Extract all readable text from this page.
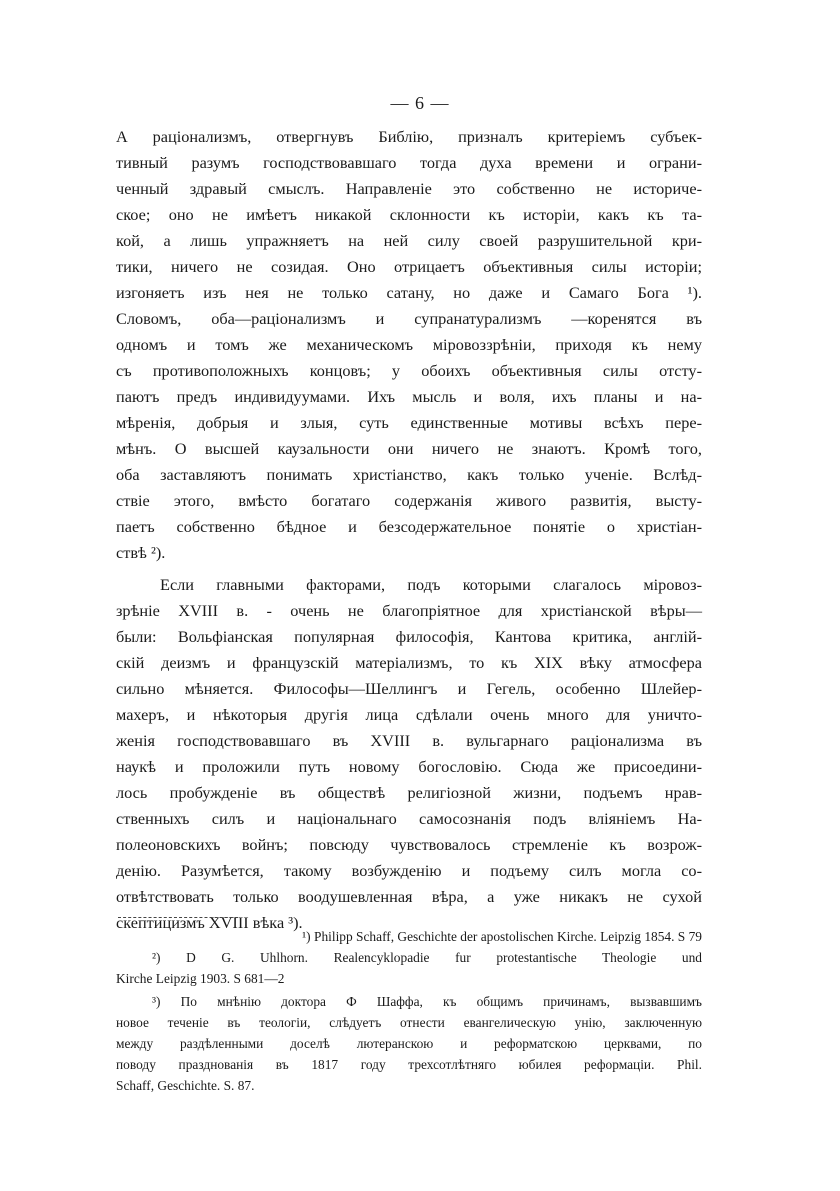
— 6 —
А раціонализмъ, отвергнувъ Библію, призналъ критеріемъ субъек-
тивный разумъ господствовавшаго тогда духа времени и ограни-
ченный здравый смыслъ. Направленіе это собственно не историче-
ское; оно не имѣетъ никакой склонности къ исторіи, какъ къ та-
кой, а лишь упражняетъ на ней силу своей разрушительной кри-
тики, ничего не созидая. Оно отрицаетъ объективныя силы исторіи;
изгоняетъ изъ нея не только сатану, но даже и Самаго Бога ¹).
Словомъ, оба—раціонализмъ и супранатурализмъ —коренятся въ
одномъ и томъ же механическомъ міровоззрѣніи, приходя къ нему
съ противоположныхъ концовъ; у обоихъ объективныя силы отсту-
паютъ предъ индивидуумами. Ихъ мысль и воля, ихъ планы и на-
мѣренія, добрыя и злыя, суть единственные мотивы всѣхъ пере-
мѣнъ. О высшей каузальности они ничего не знаютъ. Кромѣ того,
оба заставляютъ понимать христіанство, какъ только ученіе. Вслѣд-
ствіе этого, вмѣсто богатаго содержанія живого развитія, высту-
паетъ собственно бѣдное и безсодержательное понятіе о христіан-
ствѣ ²).
Если главными факторами, подъ которыми слагалось міровоз-
зрѣніе XVIII в. - очень не благопріятное для христіанской вѣры—
были: Вольфіанская популярная философія, Кантова критика, англій-
скій деизмъ и французскій матеріализмъ, то къ XIX вѣку атмосфера
сильно мѣняется. Философы—Шеллингъ и Гегель, особенно Шлейер-
махеръ, и нѣкоторыя другія лица сдѣлали очень много для уничто-
женія господствовавшаго въ XVIII в. вульгарнаго раціонализма въ
наукѣ и проложили путь новому богословію. Сюда же присоедини-
лось пробужденіе въ обществѣ религіозной жизни, подъемъ нрав-
ственныхъ силъ и національнаго самосознанія подъ вліяніемъ На-
полеоновскихъ войнъ; повсюду чувствовалось стремленіе къ возрож-
денію. Разумѣется, такому возбужденію и подъему силъ могла со-
отвѣтствовать только воодушевленная вѣра, а уже никакъ не сухой
скептицизмъ XVIII вѣка ³).
¹) Philipp Schaff, Geschichte der apostolischen Kirche. Leipzig 1854. S 79
²) D G. Uhlhorn. Realencyklopadie fur protestantische Theologie und
Kirche Leipzig 1903. S 681—2
³) По мнѣнію доктора Ф Шаффа, къ общимъ причинамъ, вызвавшимъ
новое теченіе въ теологіи, слѣдуетъ отнести евангелическую унію, заключенную
между раздѣленными доселѣ лютеранскою и реформатскою церквами, по
поводу празднованія въ 1817 году трехсотлѣтняго юбилея реформаціи. Phil.
Schaff, Geschichte. S. 87.
